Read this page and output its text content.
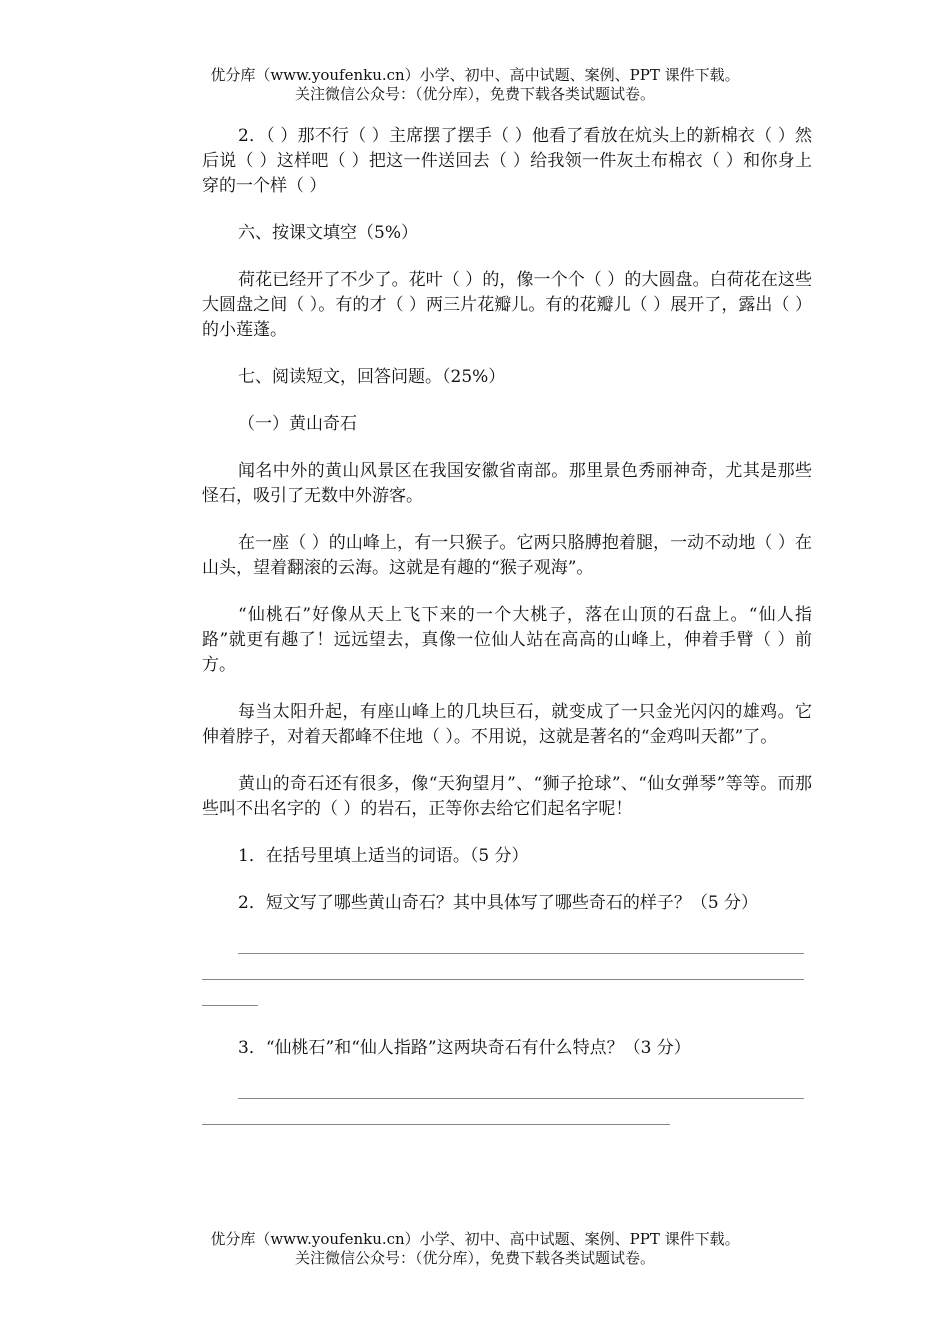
优分库（www.youfenku.cn）小学、初中、高中试题、案例、PPT 课件下载。
关注微信公众号：（优分库），免费下载各类试题试卷。

2．（ ）那不行（ ）主席摆了摆手（ ）他看了看放在炕头上的新棉衣（ ）然后说（ ）这样吧（ ）把这一件送回去（ ）给我领一件灰土布棉衣（ ）和你身上穿的一个样（ ）

六、按课文填空（5%）

荷花已经开了不少了。花叶（ ）的，像一个个（ ）的大圆盘。白荷花在这些大圆盘之间（ ）。有的才（ ）两三片花瓣儿。有的花瓣儿（ ）展开了，露出（ ）的小莲蓬。

七、阅读短文，回答问题。（25%）

（一）黄山奇石

闻名中外的黄山风景区在我国安徽省南部。那里景色秀丽神奇，尤其是那些怪石，吸引了无数中外游客。

在一座（ ）的山峰上，有一只猴子。它两只胳膊抱着腿，一动不动地（ ）在山头，望着翻滚的云海。这就是有趣的“猴子观海”。

“仙桃石”好像从天上飞下来的一个大桃子，落在山顶的石盘上。“仙人指路”就更有趣了！远远望去，真像一位仙人站在高高的山峰上，伸着手臂（ ）前方。

每当太阳升起，有座山峰上的几块巨石，就变成了一只金光闪闪的雄鸡。它伸着脖子，对着天都峰不住地（ ）。不用说，这就是著名的“金鸡叫天都”了。

黄山的奇石还有很多，像“天狗望月”、“狮子抢球”、“仙女弹琴”等等。而那些叫不出名字的（ ）的岩石，正等你去给它们起名字呢！

1．在括号里填上适当的词语。（5 分）

2．短文写了哪些黄山奇石？其中具体写了哪些奇石的样子？（5 分）

3．“仙桃石”和“仙人指路”这两块奇石有什么特点？（3 分）

优分库（www.youfenku.cn）小学、初中、高中试题、案例、PPT 课件下载。
关注微信公众号：（优分库），免费下载各类试题试卷。
